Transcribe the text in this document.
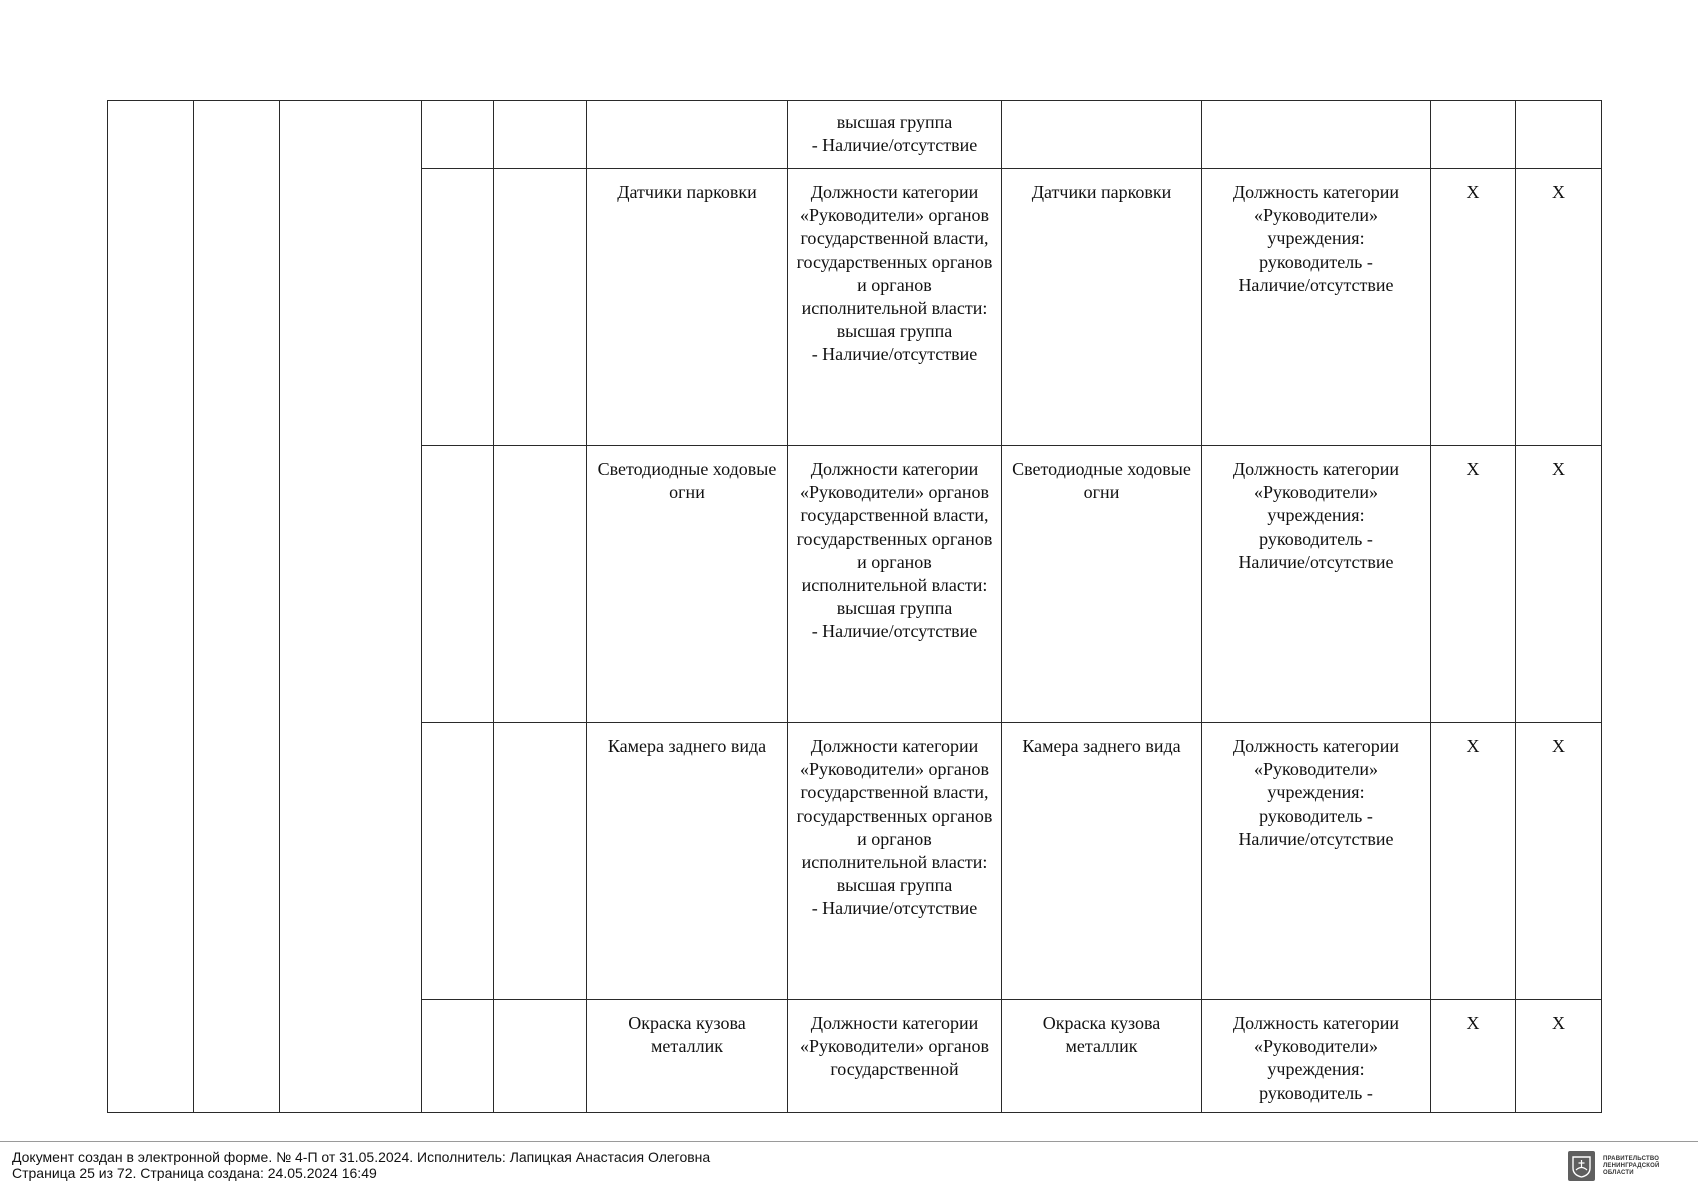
						высшая группа
- Наличие/отсутствие				
					Датчики парковки	Должности категории «Руководители» органов государственной власти, государственных органов и органов исполнительной власти:
высшая группа
- Наличие/отсутствие	Датчики парковки	Должность категории «Руководители» учреждения:
руководитель -
Наличие/отсутствие	Х	Х
					Светодиодные ходовые огни	Должности категории «Руководители» органов государственной власти, государственных органов и органов исполнительной власти:
высшая группа
- Наличие/отсутствие	Светодиодные ходовые огни	Должность категории «Руководители» учреждения:
руководитель -
Наличие/отсутствие	Х	Х
					Камера заднего вида	Должности категории «Руководители» органов государственной власти, государственных органов и органов исполнительной власти:
высшая группа
- Наличие/отсутствие	Камера заднего вида	Должность категории «Руководители» учреждения:
руководитель -
Наличие/отсутствие	Х	Х
					Окраска кузова металлик	Должности категории «Руководители» органов государственной	Окраска кузова металлик	Должность категории «Руководители» учреждения:
руководитель -	Х	Х
Документ создан в электронной форме. № 4-П от 31.05.2024. Исполнитель: Лапицкая Анастасия Олеговна
Страница 25 из 72. Страница создана: 24.05.2024 16:49
ПРАВИТЕЛЬСТВО
ЛЕНИНГРАДСКОЙ
ОБЛАСТИ
